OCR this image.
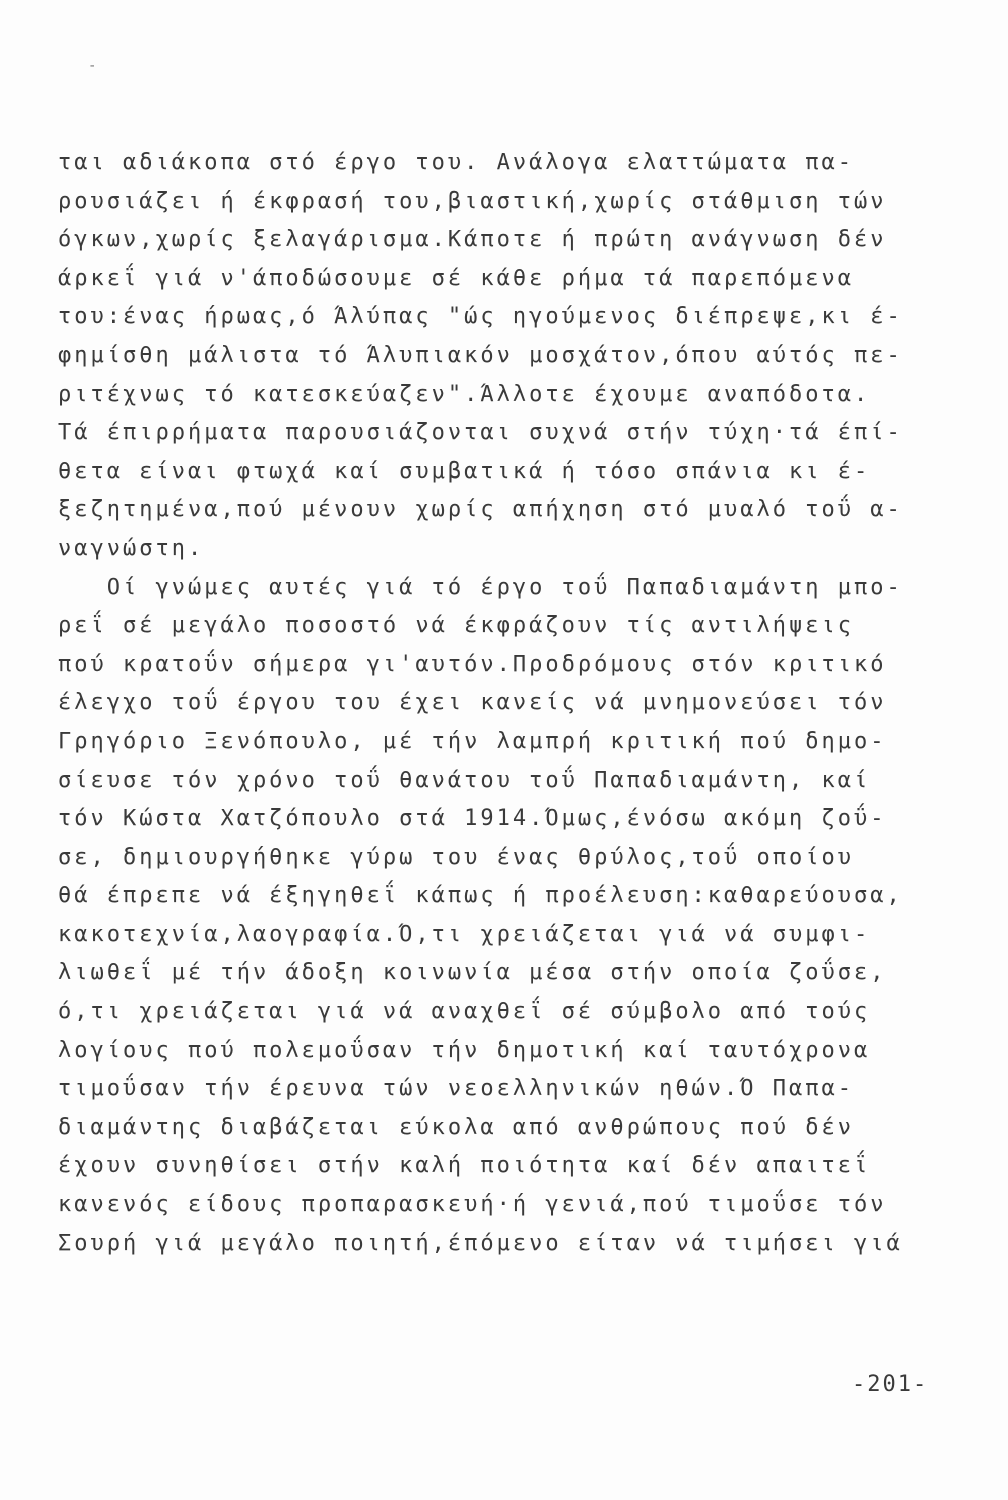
-
ται αδιάκοπα στό έργο του. Ανάλογα ελαττώματα πα-
ρουσιάζει ή έκφρασή του,βιαστική,χωρίς στάθμιση τών
όγκων,χωρίς ξελαγάρισμα.Κάποτε ή πρώτη ανάγνωση δέν
άρκεΐ γιά ν'άποδώσουμε σέ κάθε ρήμα τά παρεπόμενα
του:ένας ήρωας,ό Άλύπας "ώς ηγούμενος διέπρεψε,κι έ-
φημίσθη μάλιστα τό Άλυπιακόν μοσχάτον,όπου αύτός πε-
ριτέχνως τό κατεσκεύαζεν".Άλλοτε έχουμε αναπόδοτα.
Τά έπιρρήματα παρουσιάζονται συχνά στήν τύχη·τά έπί-
θετα είναι φτωχά καί συμβατικά ή τόσο σπάνια κι έ-
ξεζητημένα,πού μένουν χωρίς απήχηση στό μυαλό τοΰ α-
ναγνώστη.
Οί γνώμες αυτές γιά τό έργο τοΰ Παπαδιαμάντη μπο-
ρεΐ σέ μεγάλο ποσοστό νά έκφράζουν τίς αντιλήψεις
πού κρατοΰν σήμερα γι'αυτόν.Προδρόμους στόν κριτικό
έλεγχο τοΰ έργου του έχει κανείς νά μνημονεύσει τόν
Γρηγόριο Ξενόπουλο, μέ τήν λαμπρή κριτική πού δημο-
σίευσε τόν χρόνο τοΰ θανάτου τοΰ Παπαδιαμάντη, καί
τόν Κώστα Χατζόπουλο στά 1914.Όμως,ένόσω ακόμη ζοΰ-
σε, δημιουργήθηκε γύρω του ένας θρύλος,τοΰ οποίου
θά έπρεπε νά έξηγηθεΐ κάπως ή προέλευση:καθαρεύουσα,
κακοτεχνία,λαογραφία.Ό,τι χρειάζεται γιά νά συμφι-
λιωθεΐ μέ τήν άδοξη κοινωνία μέσα στήν οποία ζοΰσε,
ό,τι χρειάζεται γιά νά αναχθεΐ σέ σύμβολο από τούς
λογίους πού πολεμοΰσαν τήν δημοτική καί ταυτόχρονα
τιμοΰσαν τήν έρευνα τών νεοελληνικών ηθών.Ό Παπα-
διαμάντης διαβάζεται εύκολα από ανθρώπους πού δέν
έχουν συνηθίσει στήν καλή ποιότητα καί δέν απαιτεΐ
κανενός είδους προπαρασκευή·ή γενιά,πού τιμοΰσε τόν
Σουρή γιά μεγάλο ποιητή,έπόμενο είταν νά τιμήσει γιά
-201-
